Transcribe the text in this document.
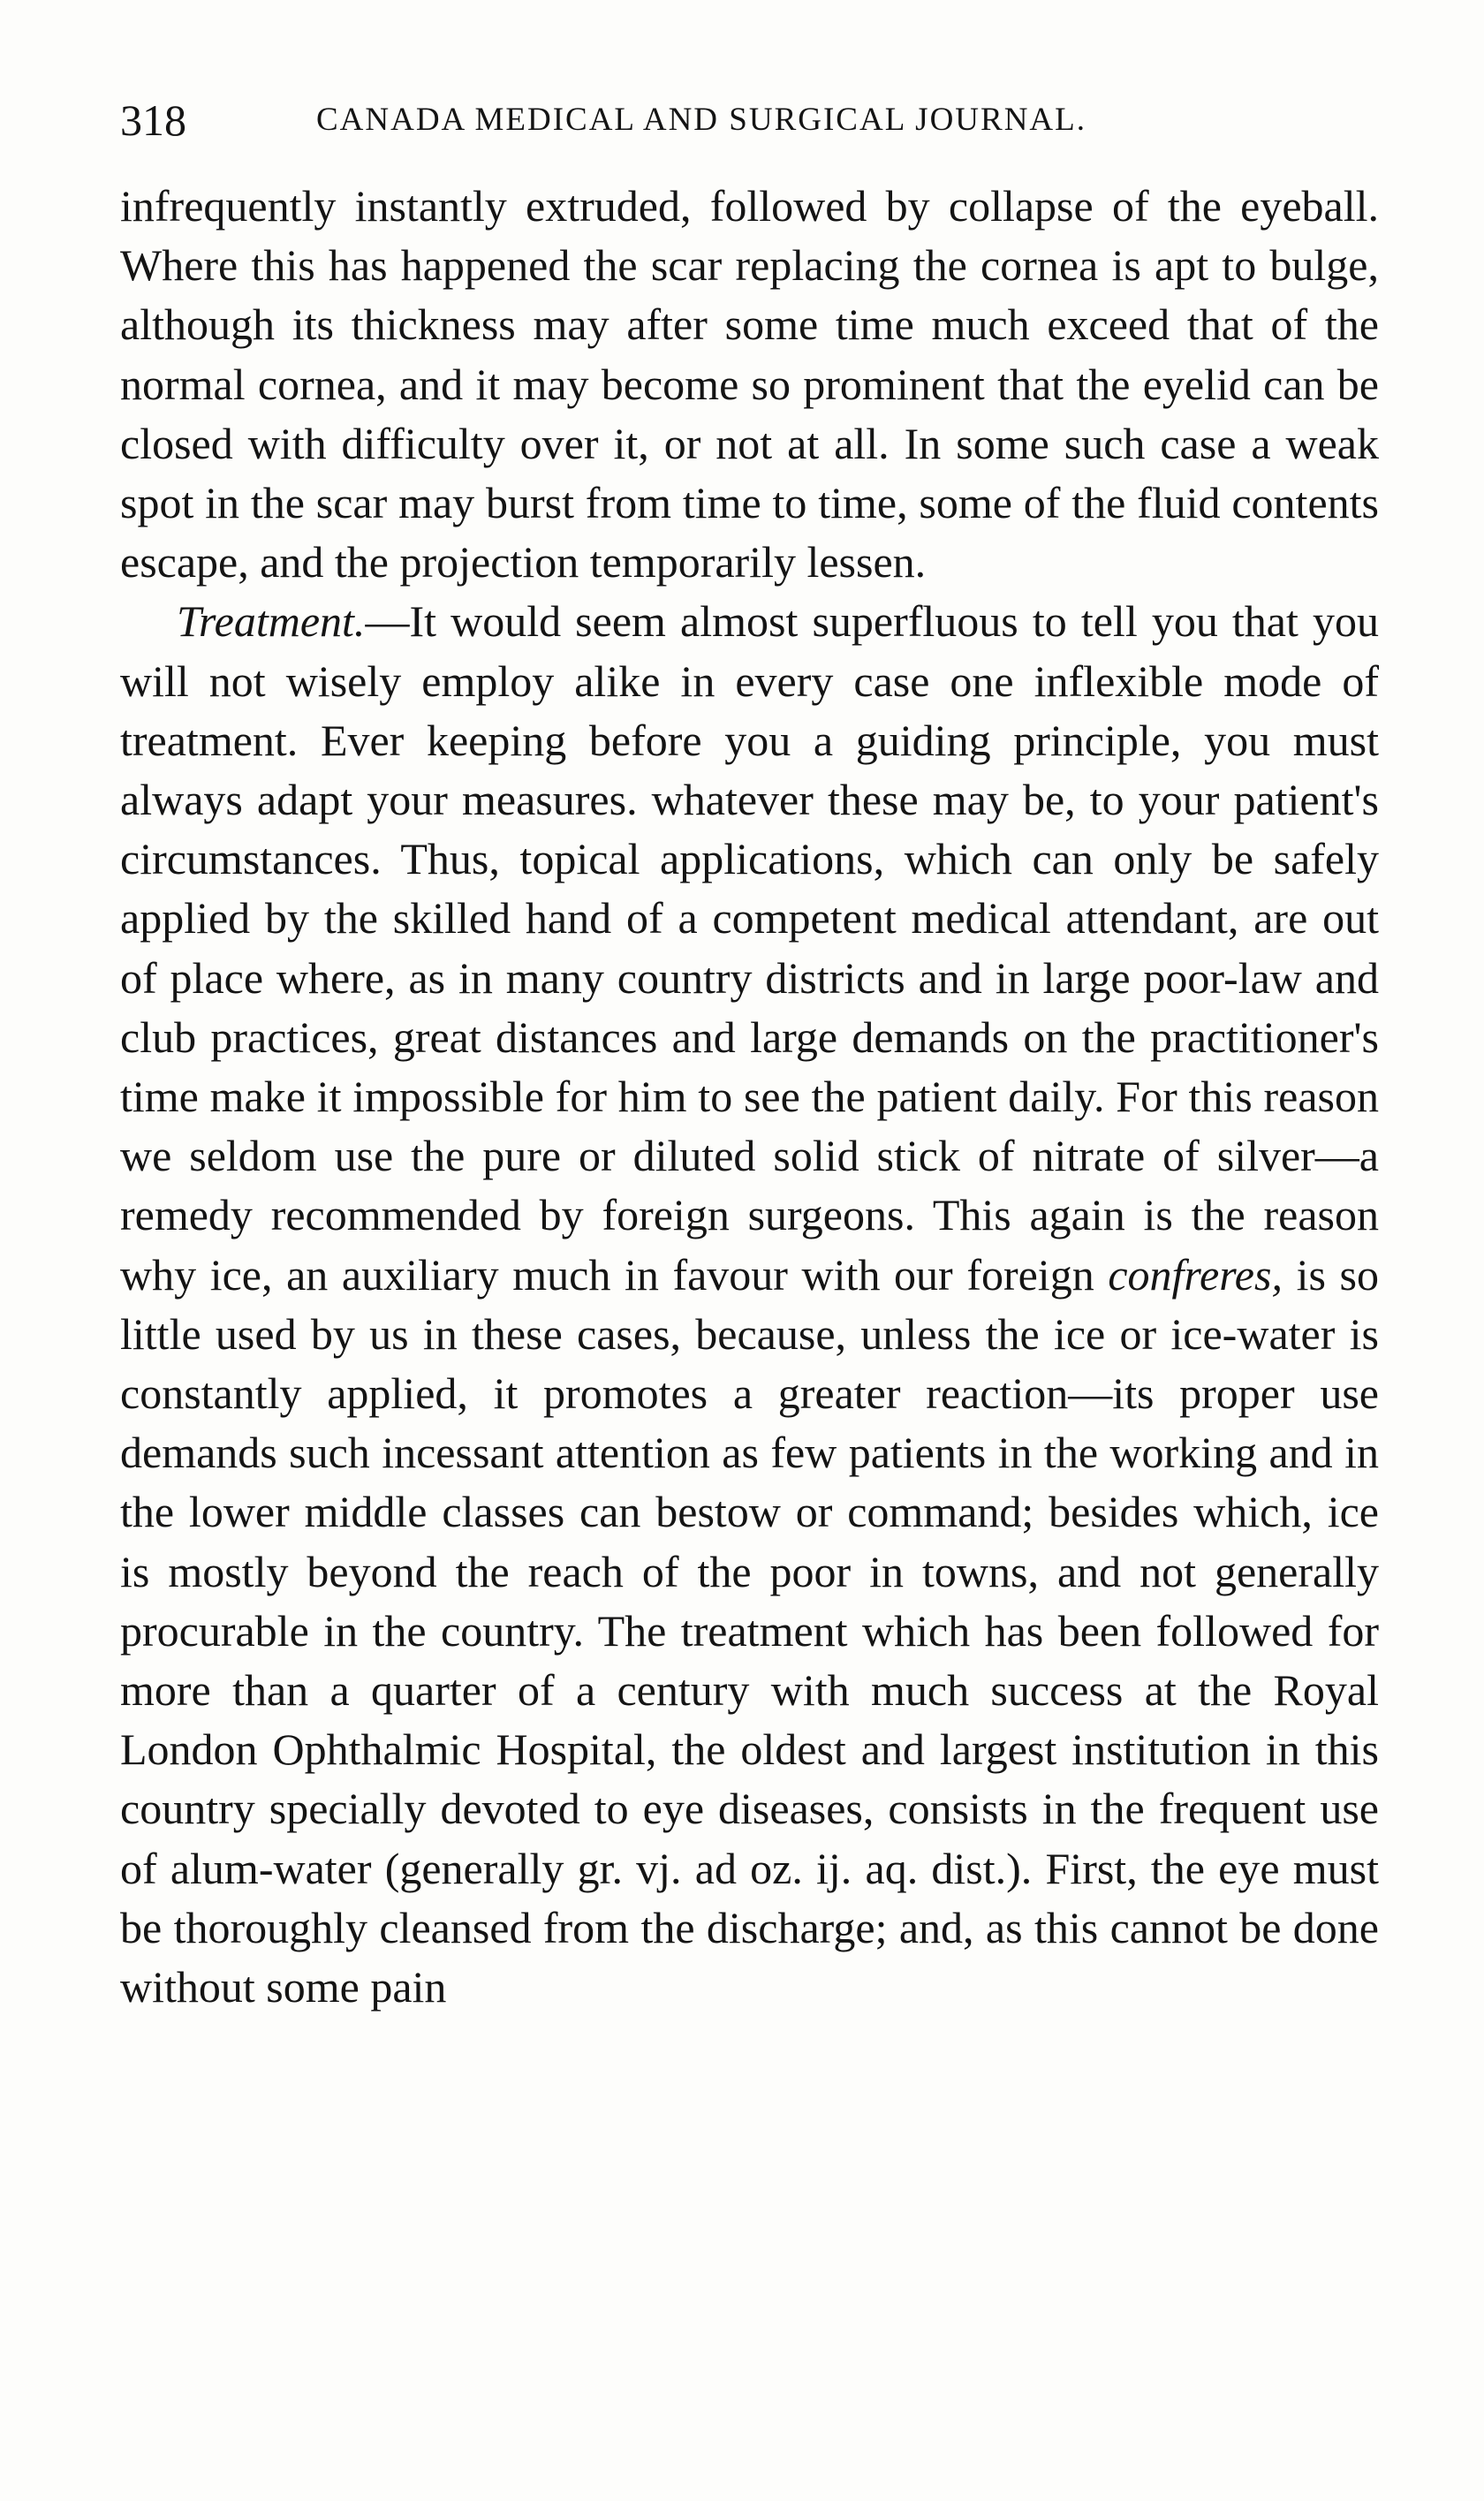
318	CANADA MEDICAL AND SURGICAL JOURNAL.

infrequently instantly extruded, followed by collapse of the eyeball. Where this has happened the scar replacing the cornea is apt to bulge, although its thickness may after some time much exceed that of the normal cornea, and it may become so prominent that the eyelid can be closed with difficulty over it, or not at all. In some such case a weak spot in the scar may burst from time to time, some of the fluid contents escape, and the projection temporarily lessen.

Treatment.—It would seem almost superfluous to tell you that you will not wisely employ alike in every case one inflexible mode of treatment. Ever keeping before you a guiding principle, you must always adapt your measures. whatever these may be, to your patient's circumstances. Thus, topical applications, which can only be safely applied by the skilled hand of a competent medical attendant, are out of place where, as in many country districts and in large poor-law and club practices, great distances and large demands on the practitioner's time make it impossible for him to see the patient daily. For this reason we seldom use the pure or diluted solid stick of nitrate of silver—a remedy recommended by foreign surgeons. This again is the reason why ice, an auxiliary much in favour with our foreign confreres, is so little used by us in these cases, because, unless the ice or ice-water is constantly applied, it promotes a greater reaction—its proper use demands such incessant attention as few patients in the working and in the lower middle classes can bestow or command; besides which, ice is mostly beyond the reach of the poor in towns, and not generally procurable in the country. The treatment which has been followed for more than a quarter of a century with much success at the Royal London Ophthalmic Hospital, the oldest and largest institution in this country specially devoted to eye diseases, consists in the frequent use of alum-water (generally gr. vj. ad oz. ij. aq. dist.). First, the eye must be thoroughly cleansed from the discharge; and, as this cannot be done without some pain
